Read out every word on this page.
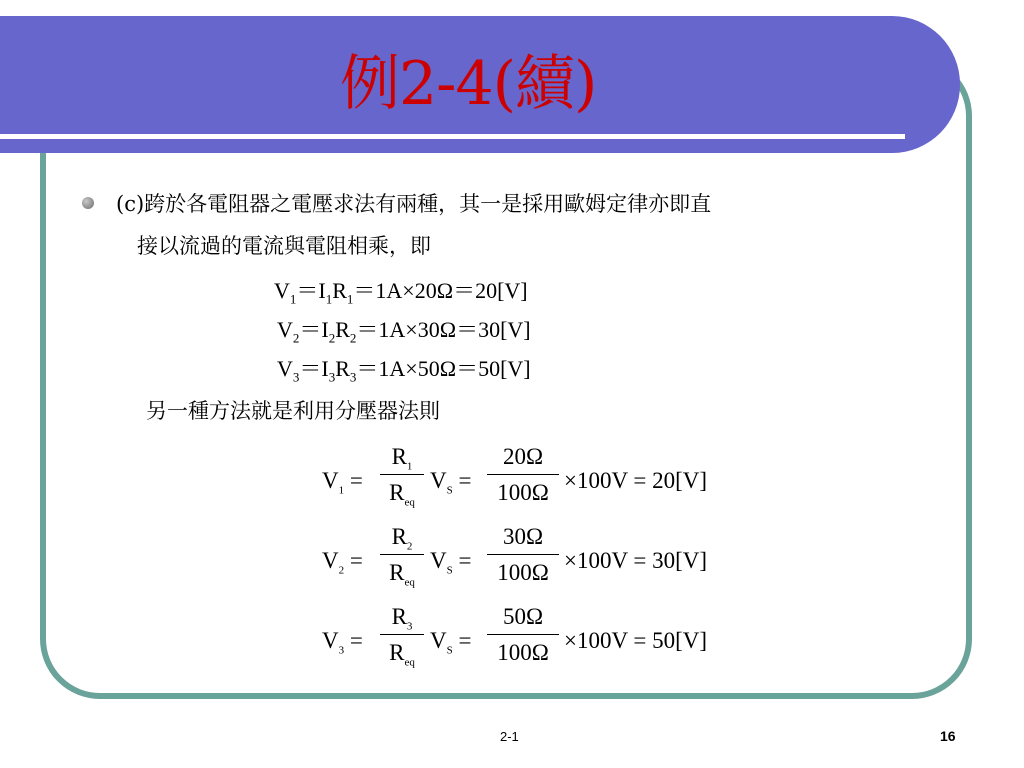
例2-4(續)
(c)跨於各電阻器之電壓求法有兩種，其一是採用歐姆定律亦即直
接以流過的電流與電阻相乘，即
$V_1=I_1R_1=1A\times 20\Omega=20[V]$
$V_2=I_2R_2=1A\times 30\Omega=30[V]$
$V_3=I_3R_3=1A\times 50\Omega=50[V]$
另一種方法就是利用分壓器法則
$V_1$ =
$R_1$
$R_{eq}$
$V_S$ =
20Ω
100Ω ×100V = 20[V]
$V_2$ =
$R_2$
$R_{eq}$
$V_S$ =
30Ω
100Ω ×100V = 30[V]
$V_3$ =
$R_3$
$R_{eq}$
$V_S$ =
50Ω
100Ω ×100V = 50[V]
2-1	16
